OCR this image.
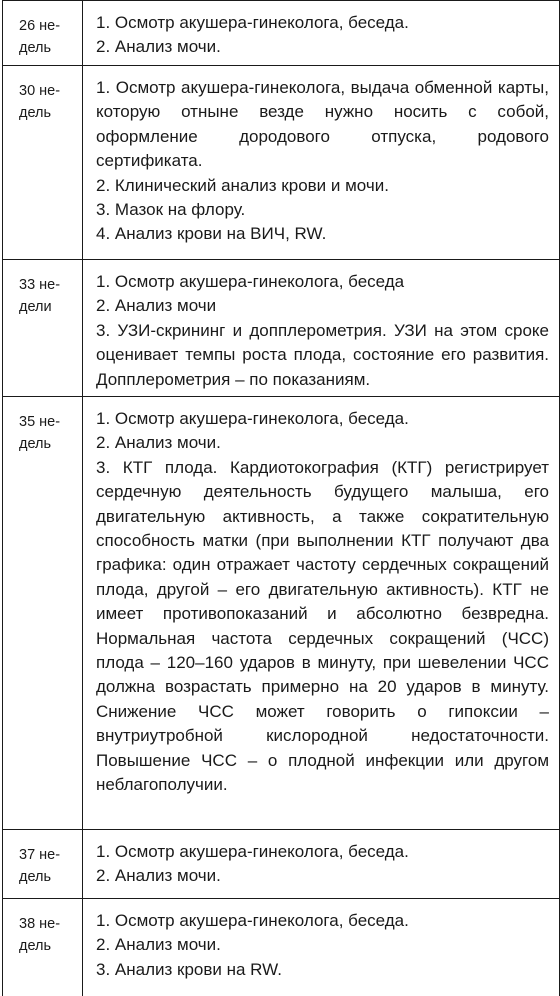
26 не-
дель

1. Осмотр акушера-гинеколога, беседа.

2. Анализ мочи.

30 не-
дель

1. Осмотр акушера-гинеколога, выдача обменной карты, которую отныне везде нужно носить с собой, оформление дородового отпуска, родового сертификата.

2. Клинический анализ крови и мочи.

3. Мазок на флору.

4. Анализ крови на ВИЧ, RW.

33 не-
дели

1. Осмотр акушера-гинеколога, беседа

2. Анализ мочи

3. УЗИ-скрининг и допплерометрия. УЗИ на этом сроке оценивает темпы роста плода, состояние его развития. Допплерометрия – по показаниям.

35 не-
дель

1. Осмотр акушера-гинеколога, беседа.

2. Анализ мочи.

3. КТГ плода. Кардиотокография (КТГ) регистрирует сердечную деятельность будущего малыша, его двигательную активность, а также сократительную способность матки (при выполнении КТГ получают два графика: один отражает частоту сердечных сокращений плода, другой – его двигательную активность). КТГ не имеет противопоказаний и абсолютно безвредна. Нормальная частота сердечных сокращений (ЧСС) плода – 120–160 ударов в минуту, при шевелении ЧСС должна возрастать примерно на 20 ударов в минуту. Снижение ЧСС может говорить о гипоксии – внутриутробной кислородной недостаточности. Повышение ЧСС – о плодной инфекции или другом неблагополучии.

37 не-
дель

1. Осмотр акушера-гинеколога, беседа.

2. Анализ мочи.

38 не-
дель

1. Осмотр акушера-гинеколога, беседа.

2. Анализ мочи.

3. Анализ крови на RW.
